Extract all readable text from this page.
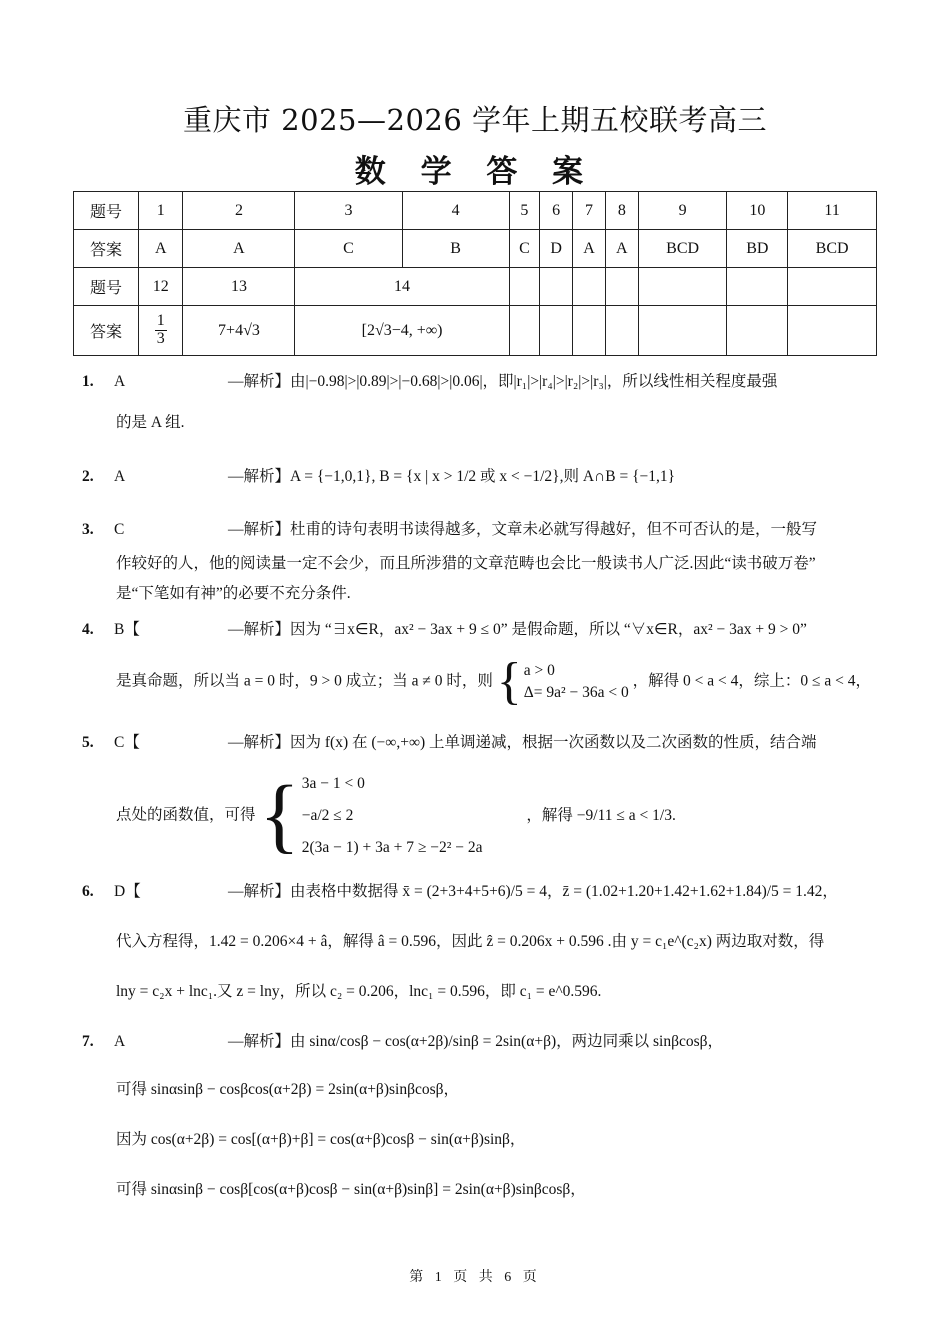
重庆市 2025—2026 学年上期五校联考高三
数 学 答 案
题号	1	2	3	4	5	6	7	8	9	10	11
答案	A	A	C	B	C	D	A	A	BCD	BD	BCD
题号	12	13	14								
答案	$\frac{1}{3}$	7+4√3	[2√3−4, +∞)								
1. A	—解析】由|−0.98|>|0.89|>|−0.68|>|0.06|，即|r₁|>|r₄|>|r₂|>|r₃|，所以线性相关程度最强
的是 A 组.
2. A	—解析】A = {−1,0,1}, B = {x | x > 1/2 或 x < −1/2},则 A∩B = {−1,1}
3. C	—解析】杜甫的诗句表明书读得越多，文章未必就写得越好，但不可否认的是，一般写
作较好的人，他的阅读量一定不会少，而且所涉猎的文章范畴也会比一般读书人广泛.因此“读书破万卷”
是“下笔如有神”的必要不充分条件.
4. B【	—解析】因为 “∃x∈R，ax² − 3ax + 9 ≤ 0” 是假命题，所以 “∀x∈R，ax² − 3ax + 9 > 0”
是真命题，所以当 a = 0 时，9 > 0 成立；当 a ≠ 0 时，则 { a > 0
Δ= 9a² − 36a < 0
，解得 0 < a < 4，综上：0 ≤ a < 4，
5. C【	—解析】因为 f(x) 在 (−∞,+∞) 上单调递减，根据一次函数以及二次函数的性质，结合端
点处的函数值，可得 { 3a − 1 < 0
−a/2 ≤ 2
2(3a − 1) + 3a + 7 ≥ −2² − 2a
，解得 −9/11 ≤ a < 1/3.
6. D【	—解析】由表格中数据得 x̄ = (2+3+4+5+6)/5 = 4，z̄ = (1.02+1.20+1.42+1.62+1.84)/5 = 1.42，
代入方程得，1.42 = 0.206×4 + â，解得 â = 0.596，因此 ẑ = 0.206x + 0.596 .由 y = c₁e^(c₂x) 两边取对数，得
lny = c₂x + lnc₁.又 z = lny，所以 c₂ = 0.206，lnc₁ = 0.596，即 c₁ = e^0.596.
7. A	—解析】由 sinα/cosβ − cos(α+2β)/sinβ = 2sin(α+β)，两边同乘以 sinβcosβ，
可得 sinαsinβ − cosβcos(α+2β) = 2sin(α+β)sinβcosβ，
因为 cos(α+2β) = cos[(α+β)+β] = cos(α+β)cosβ − sin(α+β)sinβ，
可得 sinαsinβ − cosβ[cos(α+β)cosβ − sin(α+β)sinβ] = 2sin(α+β)sinβcosβ，
第 1 页 共 6 页
